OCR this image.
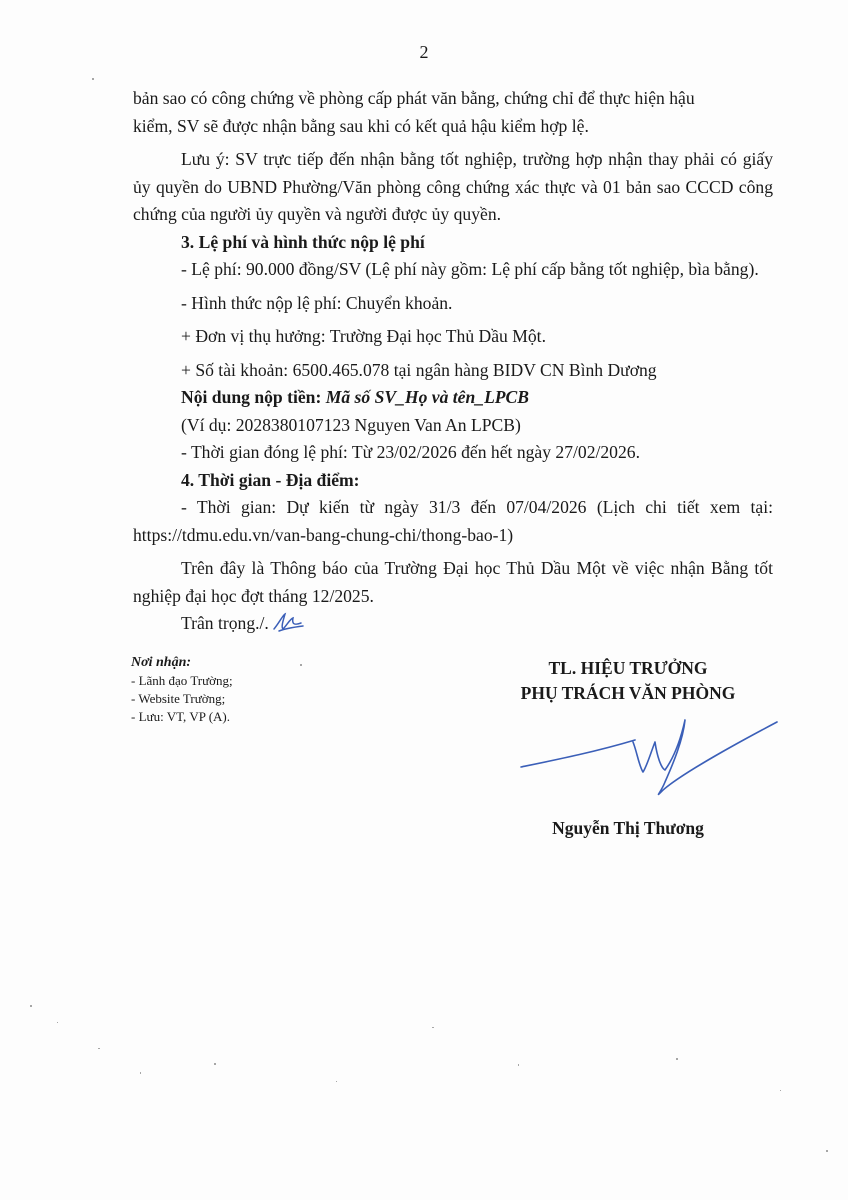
2

bản sao có công chứng về phòng cấp phát văn bằng, chứng chỉ để thực hiện hậu

kiểm, SV sẽ được nhận bằng sau khi có kết quả hậu kiểm hợp lệ.

Lưu ý: SV trực tiếp đến nhận bằng tốt nghiệp, trường hợp nhận thay phải có giấy ủy quyền do UBND Phường/Văn phòng công chứng xác thực và 01 bản sao CCCD công chứng của người ủy quyền và người được ủy quyền.

3. Lệ phí và hình thức nộp lệ phí

- Lệ phí: 90.000 đồng/SV (Lệ phí này gồm: Lệ phí cấp bằng tốt nghiệp, bìa bằng).

- Hình thức nộp lệ phí: Chuyển khoản.

+ Đơn vị thụ hưởng: Trường Đại học Thủ Dầu Một.

+ Số tài khoản: 6500.465.078 tại ngân hàng BIDV CN Bình Dương

Nội dung nộp tiền: Mã số SV_Họ và tên_LPCB

(Ví dụ: 2028380107123 Nguyen Van An LPCB)

- Thời gian đóng lệ phí: Từ 23/02/2026 đến hết ngày 27/02/2026.

4. Thời gian - Địa điểm:

- Thời gian: Dự kiến từ ngày 31/3 đến 07/04/2026 (Lịch chi tiết xem tại: https://tdmu.edu.vn/van-bang-chung-chi/thong-bao-1)

Trên đây là Thông báo của Trường Đại học Thủ Dầu Một về việc nhận Bằng tốt nghiệp đại học đợt tháng 12/2025.

Trân trọng./.

Nơi nhận:
- Lãnh đạo Trường;
- Website Trường;
- Lưu: VT, VP (A).
TL. HIỆU TRƯỞNG
PHỤ TRÁCH VĂN PHÒNG
Nguyễn Thị Thương
